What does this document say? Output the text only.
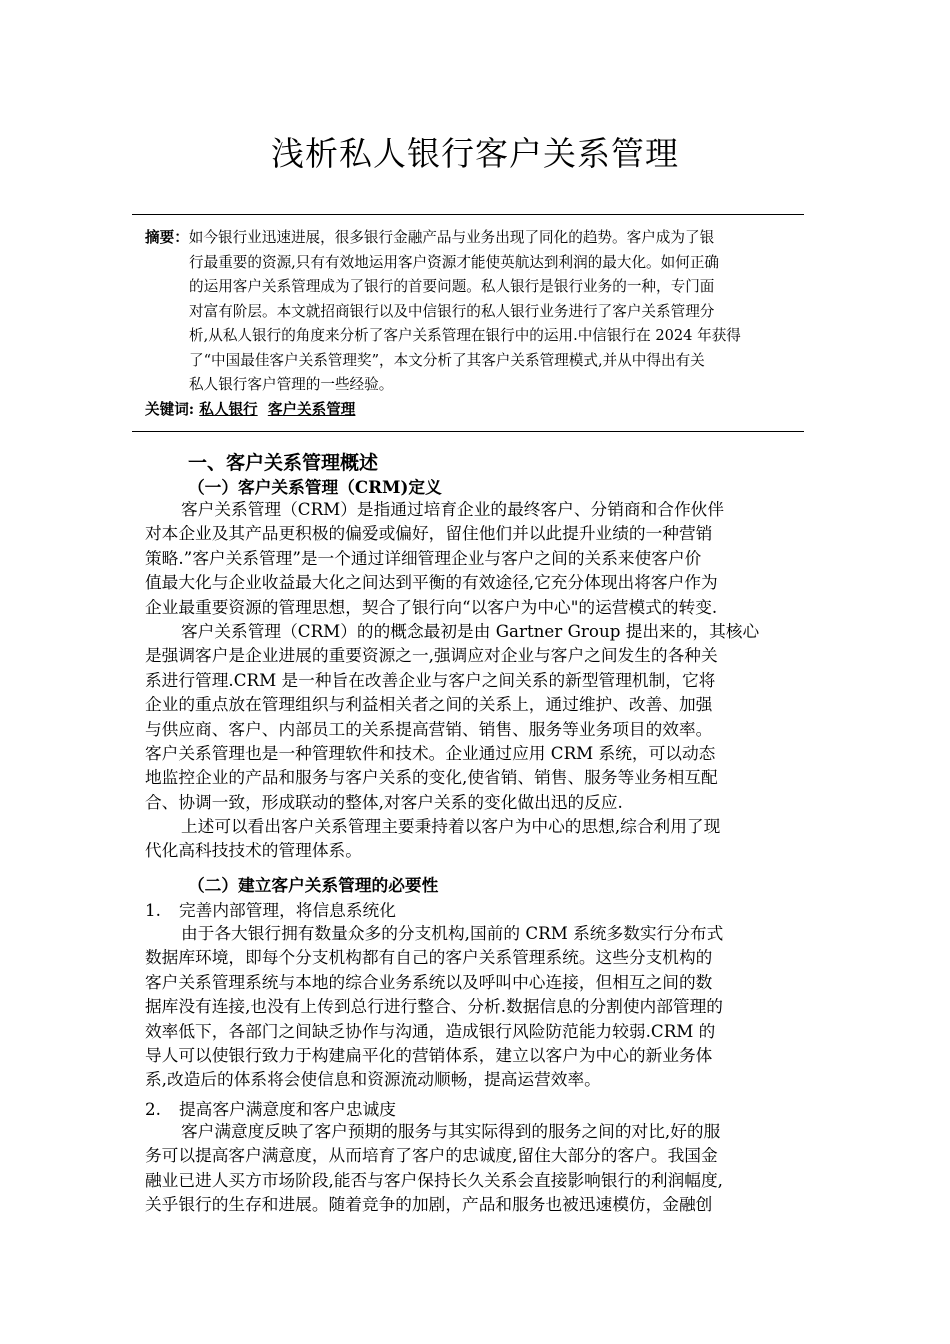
浅析私人银行客户关系管理
摘要：如今银行业迅速进展，很多银行金融产品与业务出现了同化的趋势。客户成为了银
行最重要的资源,只有有效地运用客户资源才能使英航达到利润的最大化。如何正确
的运用客户关系管理成为了银行的首要问题。私人银行是银行业务的一种，专门面
对富有阶层。本文就招商银行以及中信银行的私人银行业务进行了客户关系管理分
析,从私人银行的角度来分析了客户关系管理在银行中的运用.中信银行在 2024 年获得
了“中国最佳客户关系管理奖”，本文分析了其客户关系管理模式,并从中得出有关
私人银行客户管理的一些经验。
关键词: 私人银行 客户关系管理
一、客户关系管理概述
（一）客户关系管理（CRM)定义
客户关系管理（CRM）是指通过培育企业的最终客户、分销商和合作伙伴
对本企业及其产品更积极的偏爱或偏好，留住他们并以此提升业绩的一种营销
策略.”客户关系管理”是一个通过详细管理企业与客户之间的关系来使客户价
值最大化与企业收益最大化之间达到平衡的有效途径,它充分体现出将客户作为
企业最重要资源的管理思想，契合了银行向“以客户为中心"的运营模式的转变.
客户关系管理（CRM）的的概念最初是由 Gartner Group 提出来的，其核心
是强调客户是企业进展的重要资源之一,强调应对企业与客户之间发生的各种关
系进行管理.CRM 是一种旨在改善企业与客户之间关系的新型管理机制，它将
企业的重点放在管理组织与利益相关者之间的关系上，通过维护、改善、加强
与供应商、客户、内部员工的关系提高营销、销售、服务等业务项目的效率。
客户关系管理也是一种管理软件和技术。企业通过应用 CRM 系统，可以动态
地监控企业的产品和服务与客户关系的变化,使省销、销售、服务等业务相互配
合、协调一致，形成联动的整体,对客户关系的变化做出迅的反应.
上述可以看出客户关系管理主要秉持着以客户为中心的思想,综合利用了现
代化高科技技术的管理体系。
（二）建立客户关系管理的必要性
1. 完善内部管理，将信息系统化
由于各大银行拥有数量众多的分支机构,国前的 CRM 系统多数实行分布式
数据库环境，即每个分支机构都有自己的客户关系管理系统。这些分支机构的
客户关系管理系统与本地的综合业务系统以及呼叫中心连接，但相互之间的数
据库没有连接,也没有上传到总行进行整合、分析.数据信息的分割使内部管理的
效率低下，各部门之间缺乏协作与沟通，造成银行风险防范能力较弱.CRM 的
导人可以使银行致力于构建扁平化的营销体系，建立以客户为中心的新业务体
系,改造后的体系将会使信息和资源流动顺畅，提高运营效率。
2. 提高客户满意度和客户忠诚庋
客户满意度反映了客户预期的服务与其实际得到的服务之间的对比,好的服
务可以提高客户满意度，从而培育了客户的忠诚度,留住大部分的客户。我国金
融业已进人买方市场阶段,能否与客户保持长久关系会直接影响银行的利润幅度,
关乎银行的生存和进展。随着竞争的加剧，产品和服务也被迅速模仿，金融创
